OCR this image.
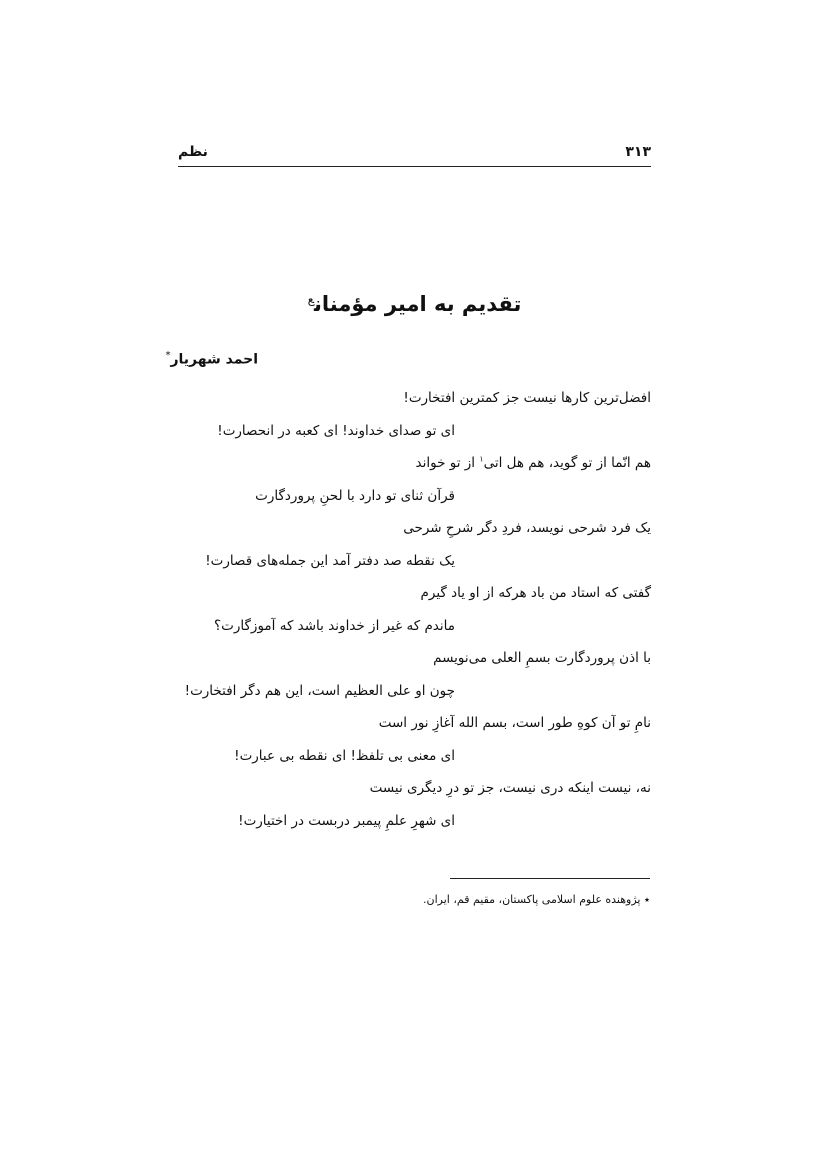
۳۱۳
نظم
تقدیم به امیر مؤمنان$^ع$
احمد شهریار*
افضل‌ترین کارها نیست جز کمترین افتخارت!
ای تو صدای خداوند! ای کعبه در انحصارت!
هم انّما از تو گوید، هم هل اتی$^۱$ از تو خواند
قرآن ثنای تو دارد با لحنِ پروردگارت
یک فرد شرحی نویسد، فردِ دگر شرحِ شرحی
یک نقطه صد دفتر آمد این جمله‌های قصارت!
گفتی که استاد من باد هرکه از او یاد گیرم
ماندم که غیر از خداوند باشد که آموزگارت؟
با اذن پروردگارت بسمِ العلی می‌نویسم
چون او علی العظیم است، این هم دگر افتخارت!
نامِ تو آن کوهِ طور است، بسم الله آغازِ نور است
ای معنی بی تلفظ! ای نقطه بی عبارت!
نه، نیست اینکه دری نیست، جز تو درِ دیگری نیست
ای شهرِ علمِ پیمبر دربست در اختیارت!
٭ پژوهنده علوم اسلامی پاکستان، مقیم قم، ایران.
